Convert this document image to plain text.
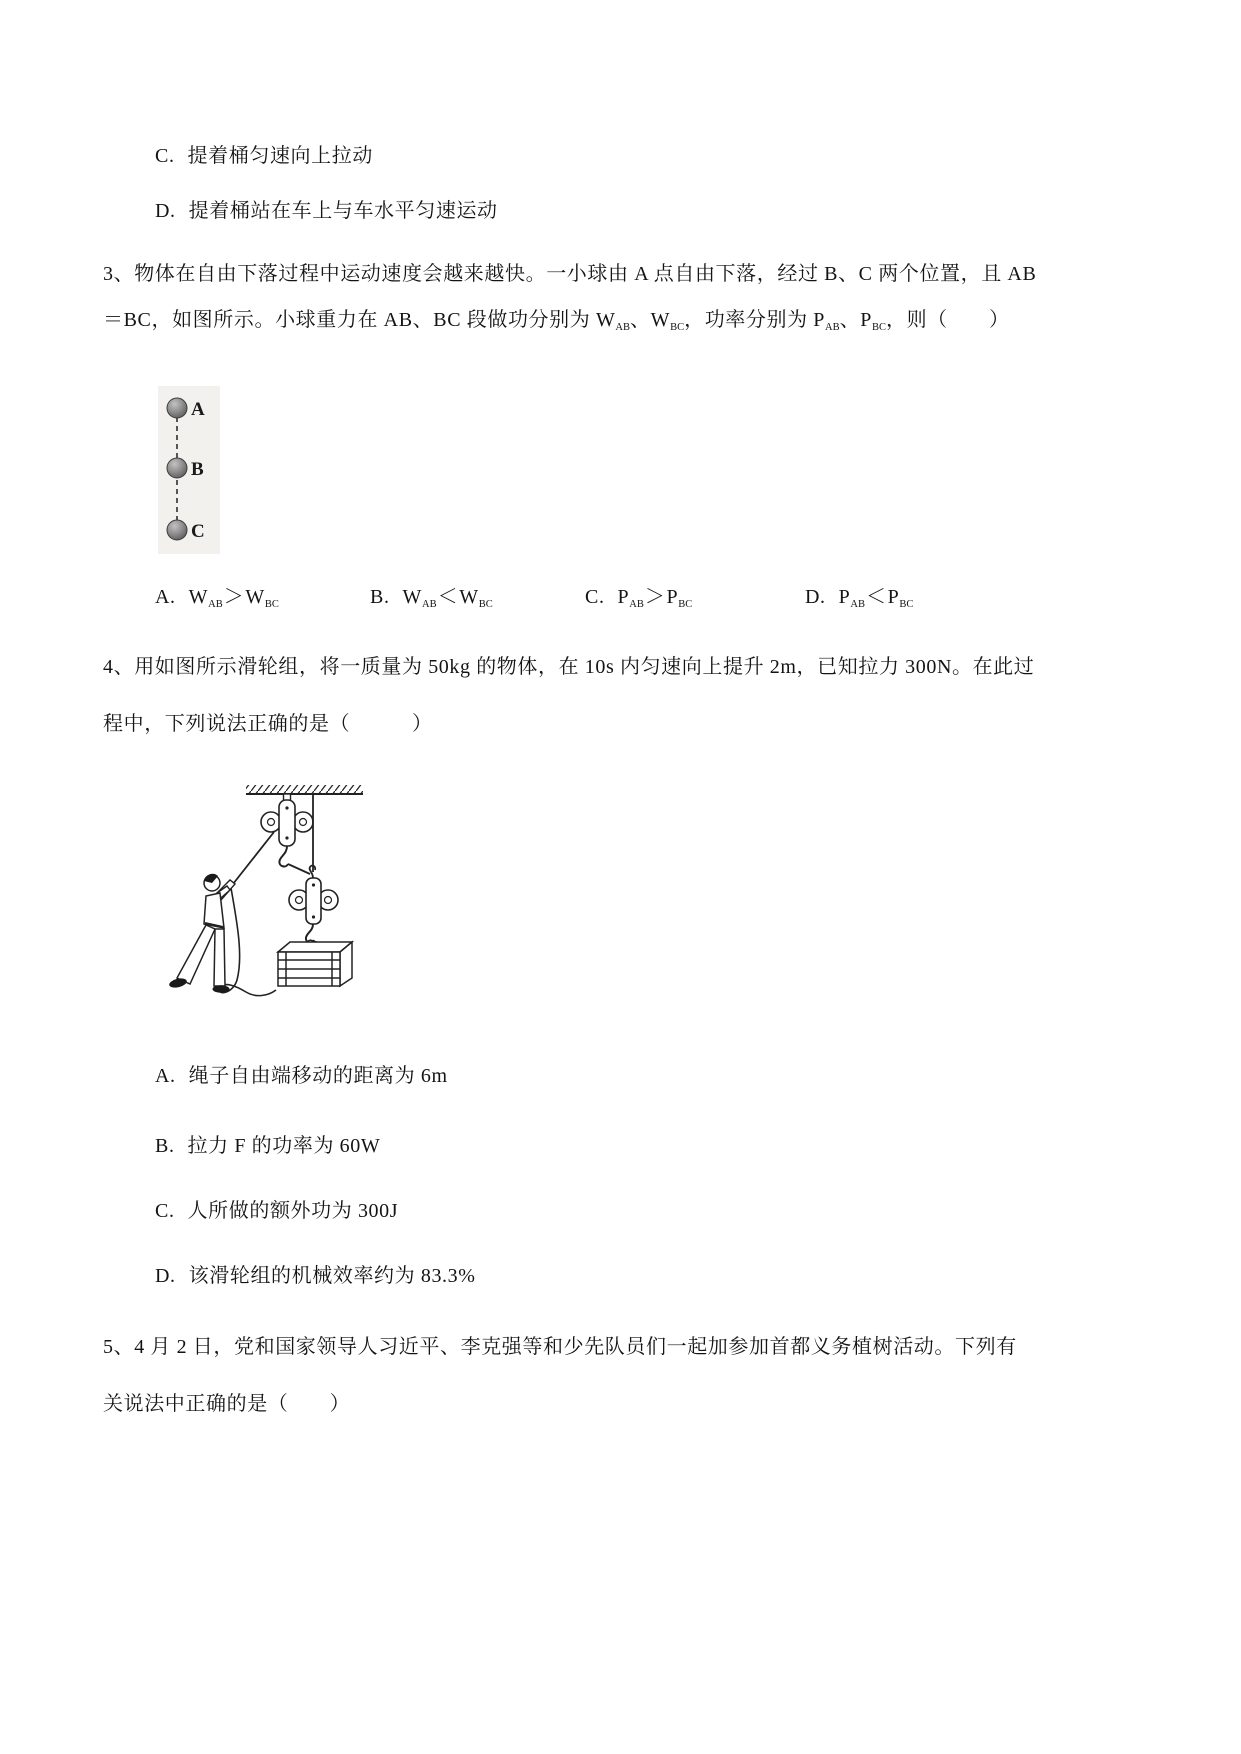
C. 提着桶匀速向上拉动
D. 提着桶站在车上与车水平匀速运动
3、物体在自由下落过程中运动速度会越来越快。一小球由 A 点自由下落，经过 B、C 两个位置，且 AB
＝BC，如图所示。小球重力在 AB、BC 段做功分别为 $W_{AB}$、$W_{BC}$，功率分别为 $P_{AB}$、$P_{BC}$，则（　　）
A
B
C
A. $W_{AB}>W_{BC}$	B. $W_{AB}<W_{BC}$	C. $P_{AB}>P_{BC}$	D. $P_{AB}<P_{BC}$
4、用如图所示滑轮组，将一质量为 50kg 的物体，在 10s 内匀速向上提升 2m，已知拉力 300N。在此过
程中，下列说法正确的是（　　　）
A. 绳子自由端移动的距离为 6m
B. 拉力 F 的功率为 60W
C. 人所做的额外功为 300J
D. 该滑轮组的机械效率约为 83.3%
5、4 月 2 日，党和国家领导人习近平、李克强等和少先队员们一起加参加首都义务植树活动。下列有
关说法中正确的是（　　）
